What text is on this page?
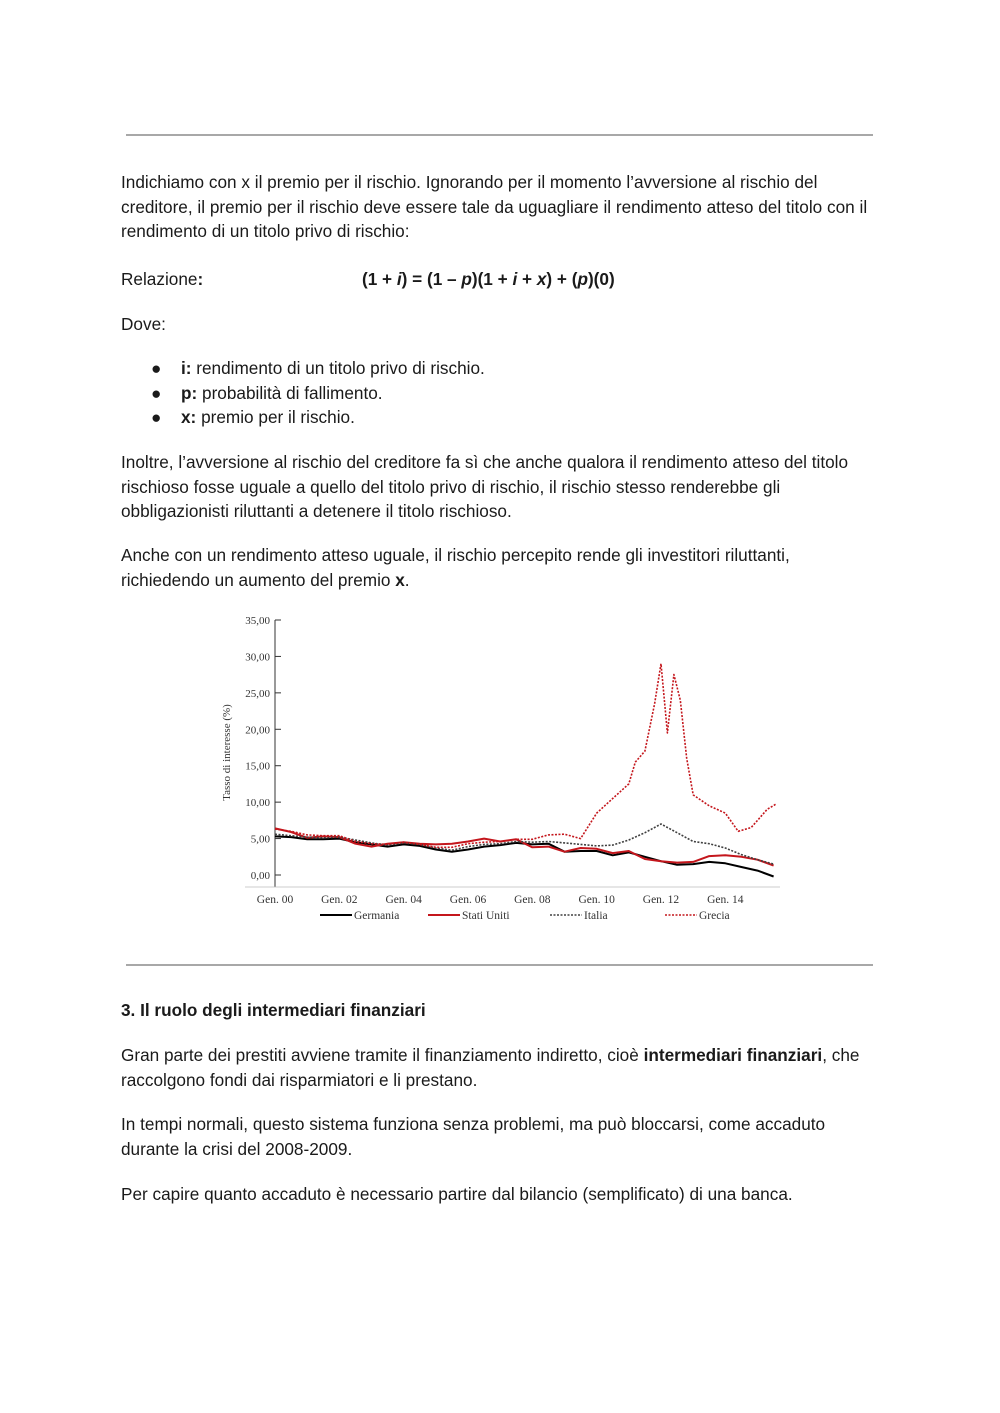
Indichiamo con x il premio per il rischio. Ignorando per il momento l’avversione al rischio del creditore, il premio per il rischio deve essere tale da uguagliare il rendimento atteso del titolo con il rendimento di un titolo privo di rischio:

Relazione:	(1 + i) = (1 – p)(1 + i + x) + (p)(0)

Dove:

● i: rendimento di un titolo privo di rischio.
● p: probabilità di fallimento.
● x: premio per il rischio.

Inoltre, l’avversione al rischio del creditore fa sì che anche qualora il rendimento atteso del titolo rischioso fosse uguale a quello del titolo privo di rischio, il rischio stesso renderebbe gli obbligazionisti riluttanti a detenere il titolo rischioso.

Anche con un rendimento atteso uguale, il rischio percepito rende gli investitori riluttanti, richiedendo un aumento del premio x.

0,00
5,00
10,00
15,00
20,00
25,00
30,00
35,00
Tasso di interesse (%)
Gen. 00 Gen. 02 Gen. 04 Gen. 06 Gen. 08 Gen. 10 Gen. 12 Gen. 14
Germania	Stati Uniti	Italia	Grecia
3. Il ruolo degli intermediari finanziari

Gran parte dei prestiti avviene tramite il finanziamento indiretto, cioè intermediari finanziari, che raccolgono fondi dai risparmiatori e li prestano.

In tempi normali, questo sistema funziona senza problemi, ma può bloccarsi, come accaduto durante la crisi del 2008-2009.

Per capire quanto accaduto è necessario partire dal bilancio (semplificato) di una banca.
